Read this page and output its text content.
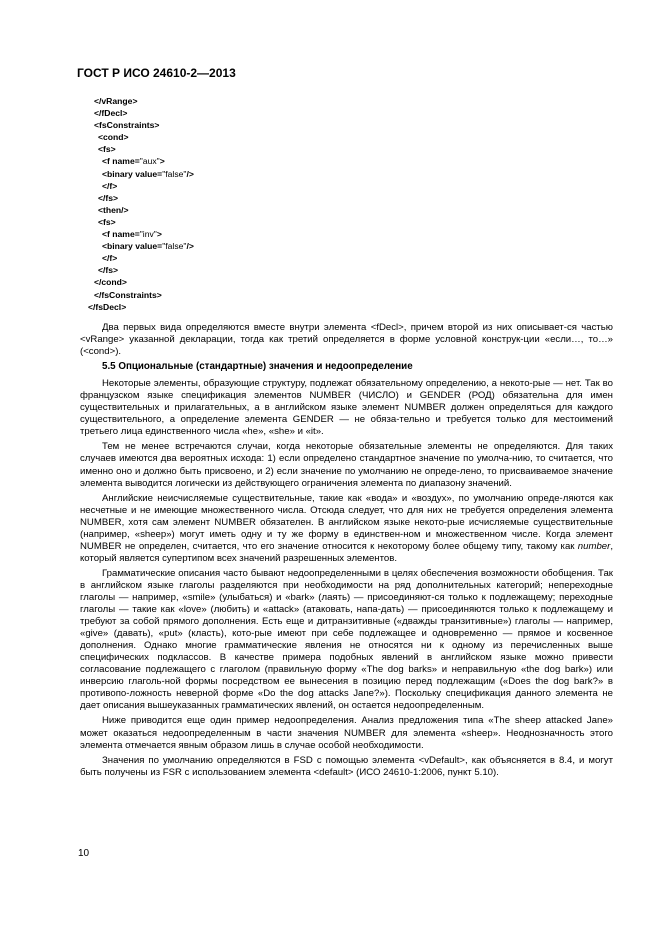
ГОСТ Р ИСО 24610-2—2013
</vRange>
</fDecl>
<fsConstraints>
<cond>
<fs>
<f name="aux">
<binary value="false"/>
</f>
</fs>
<then/>
<fs>
<f name="inv">
<binary value="false"/>
</f>
</fs>
</cond>
</fsConstraints>
</fsDecl>

Два первых вида определяются вместе внутри элемента <fDecl>, причем второй из них описывает-ся частью <vRange> указанной декларации, тогда как третий определяется в форме условной конструк-ции «если…, то…» (<cond>).

5.5 Опциональные (стандартные) значения и недоопределение

Некоторые элементы, образующие структуру, подлежат обязательному определению, а некото-рые — нет. Так во французском языке спецификация элементов NUMBER (ЧИСЛО) и GENDER (РОД) обязательна для имен существительных и прилагательных, а в английском языке элемент NUMBER должен определяться для каждого существительного, а определение элемента GENDER — не обяза-тельно и требуется только для местоимений третьего лица единственного числа «he», «she» и «it».

Тем не менее встречаются случаи, когда некоторые обязательные элементы не определяются. Для таких случаев имеются два вероятных исхода: 1) если определено стандартное значение по умолча-нию, то считается, что именно оно и должно быть присвоено, и 2) если значение по умолчанию не опреде-лено, то присваиваемое значение элемента выводится логически из действующего ограничения элемента по диапазону значений.

Английские неисчисляемые существительные, такие как «вода» и «воздух», по умолчанию опреде-ляются как несчетные и не имеющие множественного числа. Отсюда следует, что для них не требуется определения элемента NUMBER, хотя сам элемент NUMBER обязателен. В английском языке некото-рые исчисляемые существительные (например, «sheep») могут иметь одну и ту же форму в единствен-ном и множественном числе. Когда элемент NUMBER не определен, считается, что его значение относится к некоторому более общему типу, такому как number, который является супертипом всех значений разрешенных элементов.

Грамматические описания часто бывают недоопределенными в целях обеспечения возможности обобщения. Так в английском языке глаголы разделяются при необходимости на ряд дополнительных категорий; непереходные глаголы — например, «smile» (улыбаться) и «bark» (лаять) — присоединяют-ся только к подлежащему; переходные глаголы — такие как «love» (любить) и «attack» (атаковать, напа-дать) — присоединяются только к подлежащему и требуют за собой прямого дополнения. Есть еще и дитранзитивные («дважды транзитивные») глаголы — например, «give» (давать), «put» (класть), кото-рые имеют при себе подлежащее и одновременно — прямое и косвенное дополнения. Однако многие грамматические явления не относятся ни к одному из перечисленных выше специфических подклассов. В качестве примера подобных явлений в английском языке можно привести согласование подлежащего с глаголом (правильную форму «The dog barks» и неправильную «the dog bark») или инверсию глаголь-ной формы посредством ее вынесения в позицию перед подлежащим («Does the dog bark?» в противопо-ложность неверной форме «Do the dog attacks Jane?»). Поскольку спецификация данного элемента не дает описания вышеуказанных грамматических явлений, он остается недоопределенным.

Ниже приводится еще один пример недоопределения. Анализ предложения типа «The sheep attacked Jane» может оказаться недоопределенным в части значения NUMBER для элемента «sheep». Неоднозначность этого элемента отмечается явным образом лишь в случае особой необходимости.

Значения по умолчанию определяются в FSD с помощью элемента <vDefault>, как объясняется в 8.4, и могут быть получены из FSR с использованием элемента <default> (ИСО 24610-1:2006, пункт 5.10).

10
